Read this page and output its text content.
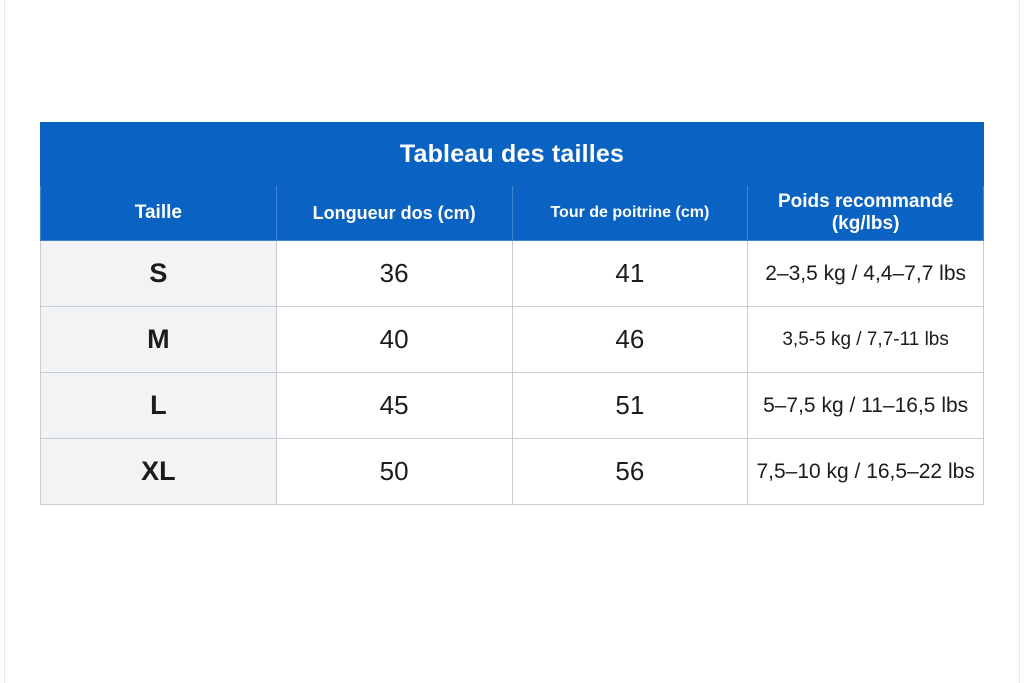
Tableau des tailles			
Taille	Longueur dos (cm)	Tour de poitrine (cm)	Poids recommandé (kg/lbs)
S	36	41	2–3,5 kg / 4,4–7,7 lbs
M	40	46	3,5-5 kg / 7,7-11 lbs
L	45	51	5–7,5 kg / 11–16,5 lbs
XL	50	56	7,5–10 kg / 16,5–22 lbs
